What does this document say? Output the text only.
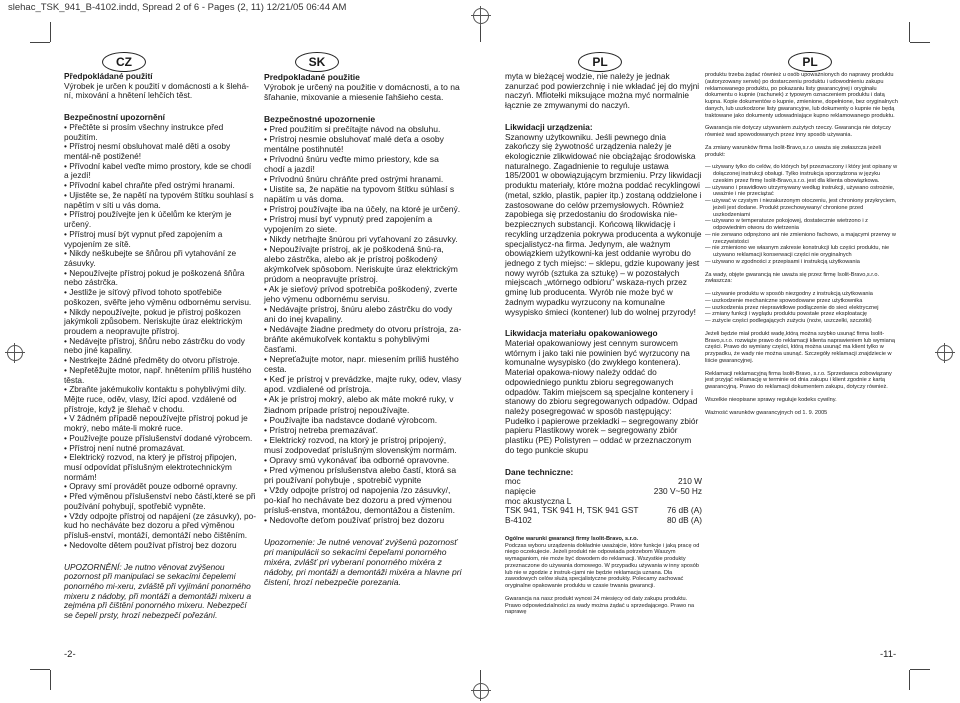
slehac_TSK_941_B-4102.indd, Spread 2 of 6 - Pages (2, 11) 12/21/05 06:44 AM
CZ	SK	PL	PL
Předpokládané použití

Výrobek je určen k použití v domácnosti a k šlehá-ní, mixování a hnětení lehčích těst.

Bezpečnostní upozornění
• Přečtěte si prosím všechny instrukce před použitím.
• Přístroj nesmí obsluhovat malé děti a osoby mentál-ně postižené!
• Přívodní kabel veďte mimo prostory, kde se chodí a jezdí!
• Přívodní kabel chraňte před ostrými hranami.
• Ujistěte se, že napětí na typovém štítku souhlasí s napětím v síti u vás doma.
• Přístroj používejte jen k účelům ke kterým je určený.
• Přístroj musí být vypnut před zapojením a vypojením ze sítě.
• Nikdy neškubejte se šňůrou při vytahování ze zásuvky.
• Nepoužívejte přístroj pokud je poškozená šňůra nebo zástrčka.
• Jestliže je síťový přívod tohoto spotřebiče poškozen, svěřte jeho výměnu odbornému servisu.
• Nikdy nepoužívejte, pokud je přístroj poškozen jakýmkoli způsobem. Neriskujte úraz elektrickým proudem a neopravujte přístroj.
• Nedávejte přístroj, šňůru nebo zástrčku do vody nebo jiné kapaliny.
• Nestrkejte žádné předměty do otvoru přístroje.
• Nepřetěžujte motor, např. hnětením příliš hustého těsta.
• Zbraňte jakémukoliv kontaktu s pohyblivými díly. Mějte ruce, oděv, vlasy, lžíci apod. vzdálené od přístroje, když je šlehač v chodu.
• V žádném případě nepoužívejte přístroj pokud je mokrý, nebo máte-li mokré ruce.
• Používejte pouze příslušenství dodané výrobcem.
• Přístroj není nutné promazávat.
• Elektrický rozvod, na který je přístroj připojen, musí odpovídat příslušným elektrotechnickým normám!
• Opravy smí provádět pouze odborné opravny.
• Před výměnou příslušenství nebo částí,které se při používání pohybují, spotřebič vypněte.
• Vždy odpojte přístroj od napájení (ze zásuvky), po-kud ho necháváte bez dozoru a před výměnou přísluš-enství, montáží, demontáží nebo čištěním.
• Nedovolte dětem používat přístroj bez dozoru

UPOZORNĚNÍ: Je nutno věnovat zvýšenou pozornost při manipulaci se sekacími čepelemi ponorného mi-xeru, zvláště při vyjímání ponorného mixeru z nádoby, při montáži a demontáži mixeru a zejména při čištění ponorného mixeru. Nebezpečí se čepelí prsty, hrozí nebezpečí pořezání.

Predpokladané použitie

Výrobok je určený na použitie v domácnosti, a to na šľahanie, mixovanie a miesenie ľahšieho cesta.

Bezpečnostné upozornenie
• Pred použitím si prečítajte návod na obsluhu.
• Prístroj nesmie obsluhovať malé deťa a osoby mentálne postihnuté!
• Prívodnú šnúru veďte mimo priestory, kde sa chodí a jazdí!
• Prívodnú šnúru chráňte pred ostrými hranami.
• Uistite sa, že napätie na typovom štítku súhlasí s napätím u vás doma.
• Prístroj používajte iba na účely, na ktoré je určený.
• Prístroj musí byť vypnutý pred zapojením a vypojením zo siete.
• Nikdy netrhajte šnúrou pri vyťahovaní zo zásuvky.
• Nepoužívajte prístroj, ak je poškodená šnú-ra, alebo zástrčka, alebo ak je prístroj poškodený akýmkoľvek spôsobom. Neriskujte úraz elektrickým prúdom a neopravujte prístroj.
• Ak je sieťový prívod spotrebiča poškodený, zverte jeho výmenu odbornému servisu.
• Nedávajte prístroj, šnúru alebo zástrčku do vody ani do inej kvapaliny.
• Nedávajte žiadne predmety do otvoru prístroja, za-bráňte akémukoľvek kontaktu s pohyblivými časťami.
• Nepreťažujte motor, napr. miesením príliš hustého cesta.
• Keď je prístroj v prevádzke, majte ruky, odev, vlasy apod. vzdialené od prístroja.
• Ak je prístroj mokrý, alebo ak máte mokré ruky, v žiadnom prípade prístroj nepoužívajte.
• Používajte iba nadstavce dodané výrobcom.
• Prístroj netreba premazávať.
• Elektrický rozvod, na ktorý je prístroj pripojený, musí zodpovedať príslušným slovenským normám.
• Opravy smú vykonávať iba odborné opravovne.
• Pred výmenou príslušenstva alebo častí, ktorá sa pri používaní pohybuje , spotrebič vypnite
• Vždy odpojte prístroj od napojenia /zo zásuvky/, po-kiaľ ho nechávate bez dozoru a pred výmenou prísluš-enstva, montážou, demontážou a čistením.
• Nedovoľte deťom používať prístroj bez dozoru

Upozornenie: Je nutné venovať zvýšenú pozornosť pri manipulácii so sekacími čepeľami ponorného mixéra, zvlášť pri vyberaní ponorného mixéra z nádoby, pri montáži a demontáži mixéra a hlavne pri čistení, hrozí nebezpečie porezania.

myta w bieżącej wodzie, nie należy je jednak zanurzać pod powierzchnię i nie wkładać jej do myjni naczyń. Mfiotełki miksujące można myć normalnie łącznie ze zmywanymi do naczyń.

Likwidacji urządzenia:

Szanowny użytkowniku. Jeśli pewnego dnia zakończy się żywotność urządzenia należy je ekologicznie zlikwidować nie obciążając środowiska naturalnego. Zagadnienie to reguluje ustawa 185/2001 w obowiązującym brzmieniu. Przy likwidacji produktu materiały, które można poddać recyklingowi (metal, szkło, plastik, papier itp.) zostaną oddzielone i zastosowane do celów przemysłowych. Również zapobiega się przedostaniu do środowiska nie-bezpiecznych substancji. Końcową likwidację i recykling urządzenia pokrywa producenta a wykonuje specjalistycz-na firma. Jedynym, ale ważnym obowiązkiem użytkowni-ka jest oddanie wyrobu do jednego z tych miejsc: – sklepu, gdzie kupowany jest nowy wyrób (sztuka za sztukę) – w pozostałych miejscach „wtórnego odbioru" wskaza-nych przez gminę lub producenta. Wyrób nie może być w żadnym wypadku wyrzucony na komunalne wysypisko śmieci (kontener) lub do wolnej przyrody!

Likwidacja materiału opakowaniowego

Materiał opakowaniowy jest cennym surowcem wtórnym i jako taki nie powinien być wyrzucony na komunalne wysypisko (do zwykłego kontenera). Materiał opakowa-niowy należy oddać do odpowiedniego punktu zbioru segregowanych odpadów. Takim miejscem są specjalne kontenery i stanowy do zbioru segregowanych odpadów. Odpad należy posegregować w sposób następujący: Pudełko i papierowe przekładki – segregowany zbiór papieru Plastikowy worek – segregowany zbiór plastiku (PE) Polistyren – oddać w przeznaczonym do tego punkcie skupu

Dane techniczne:
moc	210 W
napięcie	230 V~50 Hz
moc akustyczna L
TSK 941, TSK 941 H, TSK 941 GST	76 dB (A)
B-4102	80 dB (A)
Ogólne warunki gwarancji firmy Isolit-Bravo, s.r.o.

Podczas wyboru urządzenia dokładnie uważajcie, które funkcje i jaką pracę od niego oczekujecie. Jeżeli produkt nie odpowiada potrzebom Waszym wymaganiom, nie może być dowodem do reklamacji. Wszystkie produkty przeznaczone do używania domowego. W przypadku używania w inny sposób lub nie w zgodzie z instruk-cjami nie będzie reklamacja uznana. Dla zawodowych celów służą specjalistyczne produkty. Polecamy zachować oryginalne opakowanie produktu w czasie trwania gwarancji.

Gwarancja na nasz produkt wynosi 24 miesięcy od daty zakupu produktu. Prawo odpowiedzialności za wady można żądać u sprzedającego. Prawo na naprawę

produktu trzeba żądać również u osób upoważnionych do naprawy produktu (autoryzowany serwis) po dostarczeniu produktu i udowodnieniu zakupu reklamowanego produktu, po pokazaniu listy gwarancyjnej i oryginału dokumentu o kupnie (rachunek) z typowym oznaczeniem produktu i datą kupna. Kopie dokumentów o kupnie, zmienione, dopełnione, bez oryginalnych danych, lub uszkodzone listy gwarancyjne, lub dokumenty o kupnie nie będą traktowane jako dokumenty udowadniające kupno reklamowanego produktu.

Gwarancja nie dotyczy używaniem zużytych rzeczy. Gwarancja nie dotyczy również wad spowodowanych przez inny sposób używania.

Za zmiany warunków firma Isolit-Bravo,s.r.o uważa się zwłaszcza jeżeli produkt:

— używany tylko do celów, do których był przeznaczony i który jest opisany w dołączonej instrukcji obsługi. Tylko instrukcja sporządzona w języku czeskim przez firmę Isolit-Bravo,s.r.o. jest dla klienta obowiązkowa.
— używano i prawidłowo utrzymywany według instrukcji, używano ostrożnie, uważnie i nie przeciążać
— używać w czystym i niezakurzonym otoczeniu, jest chroniony przykryciem, jeżeli jest dodane. Produkt przechowywany/ chronione przed uszkodzeniami
— używano w temperaturze pokojowej, dostatecznie wietrzono i z odpowiednim otworu do wietrzenia
— nie zerwano odprężono ani nie zmieniono fachowo, a mającymi przerwy w rzeczywistości
— nie zmieniono we własnym zakresie konstrukcji lub części produktu, nie używano reklamacji konserwacji części nie oryginalnych
— używano w zgodności z przepisami i instrukcją użytkowania

Za wady, objęte gwarancją nie uważa się przez firmę Isolit-Bravo,s.r.o. zwłaszcza:

— używanie produktu w sposób niezgodny z instrukcją użytkowania
— uszkodzenie mechaniczne spowodowane przez użytkownika
— uszkodzenia przez nieprawidłowe podłączenie do sieci elektrycznej
— zmiany funkcji i wyglądu produktu powstałe przez eksploatację
— zużycie części podlegających zużyciu (noże, uszczelki, szczotki)

Jeżeli będzie miał produkt wadę,którą można szybko usunąć firma Isolit-Bravo,s.r.o. rozwiąże prawo do reklamacji klienta naprawieniem lub wymianą części. Prawo do wymiany części, którą można usunąć ma klient tylko w przypadku, że wady nie można usunąć. Szczegóły reklamacji znajdziecie w liście gwarancyjnej.

Reklamacji reklamacyjną firma Isolit-Bravo, s.r.o. Sprzedawca zobowiązany jest przyjąć reklamację w terminie od dnia zakupu i klient zgodnie z kartą gwarancyjną. Prawo do reklamacji dokumentem zakupu, dotyczy również.

Wszelkie nieopisane sprawy reguluje kodeks cywilny.

Ważność warunków gwarancyjnych od 1. 9. 2005

-2-	-11-
